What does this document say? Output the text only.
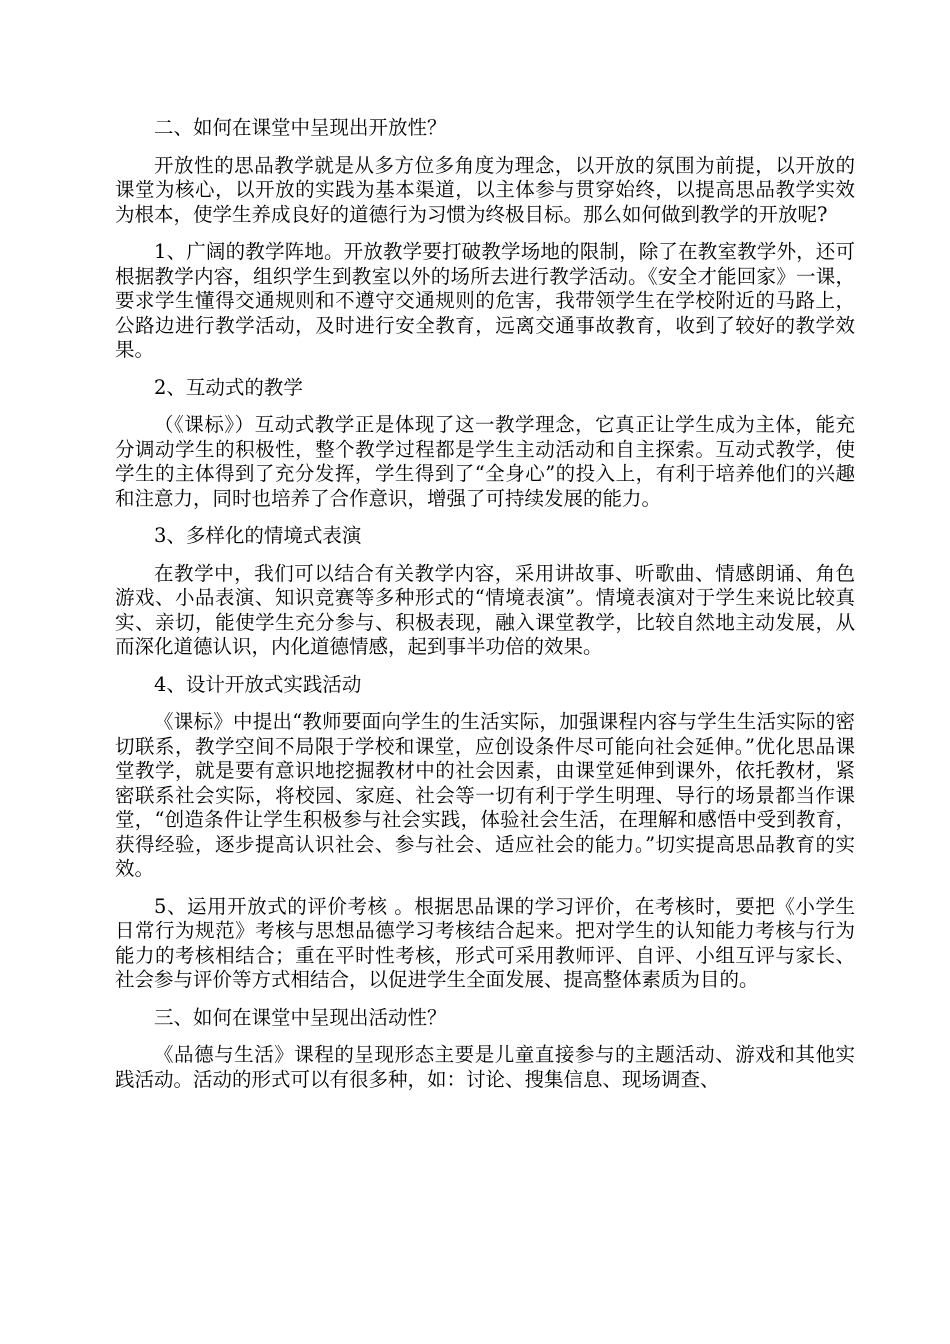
二、如何在课堂中呈现出开放性？

开放性的思品教学就是从多方位多角度为理念，以开放的氛围为前提，以开放的课堂为核心，以开放的实践为基本渠道，以主体参与贯穿始终，以提高思品教学实效为根本，使学生养成良好的道德行为习惯为终极目标。那么如何做到教学的开放呢?

1、广阔的教学阵地。开放教学要打破教学场地的限制，除了在教室教学外，还可根据教学内容，组织学生到教室以外的场所去进行教学活动。《安全才能回家》一课，要求学生懂得交通规则和不遵守交通规则的危害，我带领学生在学校附近的马路上，公路边进行教学活动，及时进行安全教育，远离交通事故教育，收到了较好的教学效果。

2、互动式的教学

（《课标》）互动式教学正是体现了这一教学理念，它真正让学生成为主体，能充分调动学生的积极性，整个教学过程都是学生主动活动和自主探索。互动式教学，使学生的主体得到了充分发挥，学生得到了“全身心”的投入上，有利于培养他们的兴趣和注意力，同时也培养了合作意识，增强了可持续发展的能力。

3、多样化的情境式表演

在教学中，我们可以结合有关教学内容，采用讲故事、听歌曲、情感朗诵、角色游戏、小品表演、知识竞赛等多种形式的“情境表演”。情境表演对于学生来说比较真实、亲切，能使学生充分参与、积极表现，融入课堂教学，比较自然地主动发展，从而深化道德认识，内化道德情感，起到事半功倍的效果。

4、设计开放式实践活动

《课标》中提出“教师要面向学生的生活实际，加强课程内容与学生生活实际的密切联系，教学空间不局限于学校和课堂，应创设条件尽可能向社会延伸。”优化思品课堂教学，就是要有意识地挖掘教材中的社会因素，由课堂延伸到课外，依托教材，紧密联系社会实际，将校园、家庭、社会等一切有利于学生明理、导行的场景都当作课堂，“创造条件让学生积极参与社会实践，体验社会生活，在理解和感悟中受到教育，获得经验，逐步提高认识社会、参与社会、适应社会的能力。”切实提高思品教育的实效。

5、运用开放式的评价考核 。根据思品课的学习评价，在考核时，要把《小学生日常行为规范》考核与思想品德学习考核结合起来。把对学生的认知能力考核与行为能力的考核相结合；重在平时性考核，形式可采用教师评、自评、小组互评与家长、社会参与评价等方式相结合，以促进学生全面发展、提高整体素质为目的。

三、如何在课堂中呈现出活动性？

《品德与生活》课程的呈现形态主要是儿童直接参与的主题活动、游戏和其他实践活动。活动的形式可以有很多种，如：讨论、搜集信息、现场调查、
